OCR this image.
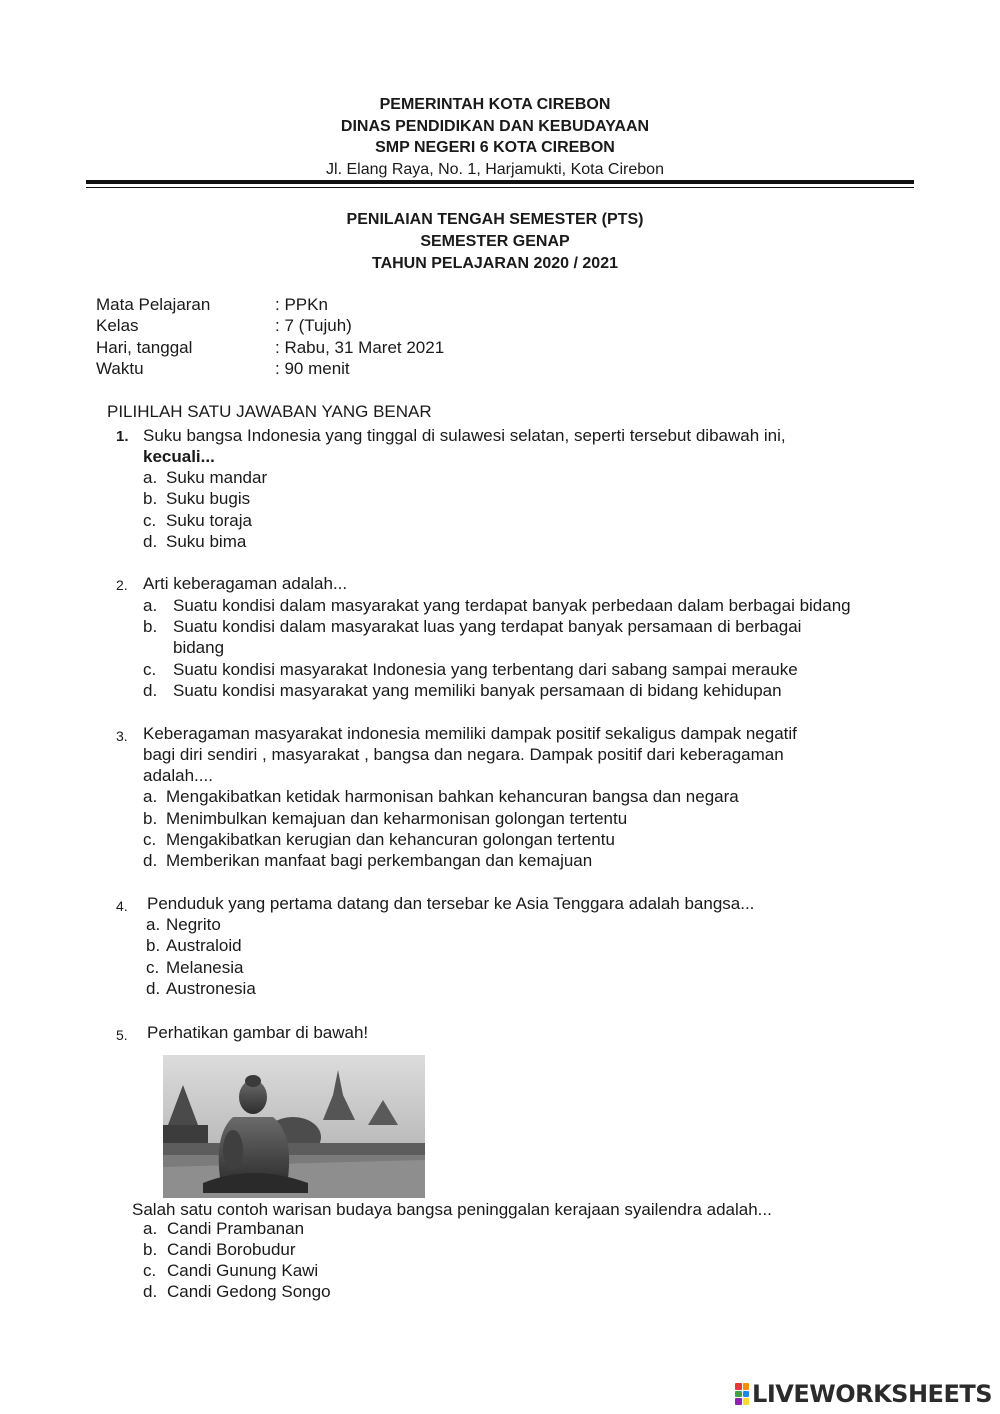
PEMERINTAH KOTA CIREBON
DINAS PENDIDIKAN DAN KEBUDAYAAN
SMP NEGERI 6 KOTA CIREBON
Jl. Elang Raya, No. 1, Harjamukti, Kota Cirebon
PENILAIAN TENGAH SEMESTER (PTS)
SEMESTER GENAP
TAHUN PELAJARAN 2020 / 2021
Mata Pelajaran	: PPKn
Kelas	: 7 (Tujuh)
Hari, tanggal	: Rabu, 31 Maret 2021
Waktu	: 90 menit
PILIHLAH SATU JAWABAN YANG BENAR
1. Suku bangsa Indonesia yang tinggal di sulawesi selatan, seperti tersebut dibawah ini,
kecuali...
a. Suku mandar
b. Suku bugis
c. Suku toraja
d. Suku bima
2. Arti keberagaman adalah...
a. Suatu kondisi dalam masyarakat yang terdapat banyak perbedaan dalam berbagai bidang
b. Suatu kondisi dalam masyarakat luas yang terdapat banyak persamaan di berbagai
bidang
c. Suatu kondisi masyarakat Indonesia yang terbentang dari sabang sampai merauke
d. Suatu kondisi masyarakat yang memiliki banyak persamaan di bidang kehidupan
3. Keberagaman masyarakat indonesia memiliki dampak positif sekaligus dampak negatif
bagi diri sendiri , masyarakat , bangsa dan negara. Dampak positif dari keberagaman
adalah....
a. Mengakibatkan ketidak harmonisan bahkan kehancuran bangsa dan negara
b. Menimbulkan kemajuan dan keharmonisan golongan tertentu
c. Mengakibatkan kerugian dan kehancuran golongan tertentu
d. Memberikan manfaat bagi perkembangan dan kemajuan
4. Penduduk yang pertama datang dan tersebar ke Asia Tenggara adalah bangsa...
a. Negrito
b. Australoid
c. Melanesia
d. Austronesia
5. Perhatikan gambar di bawah!
Salah satu contoh warisan budaya bangsa peninggalan kerajaan syailendra adalah...
a. Candi Prambanan
b. Candi Borobudur
c. Candi Gunung Kawi
d. Candi Gedong Songo
LIVEWORKSHEETS
